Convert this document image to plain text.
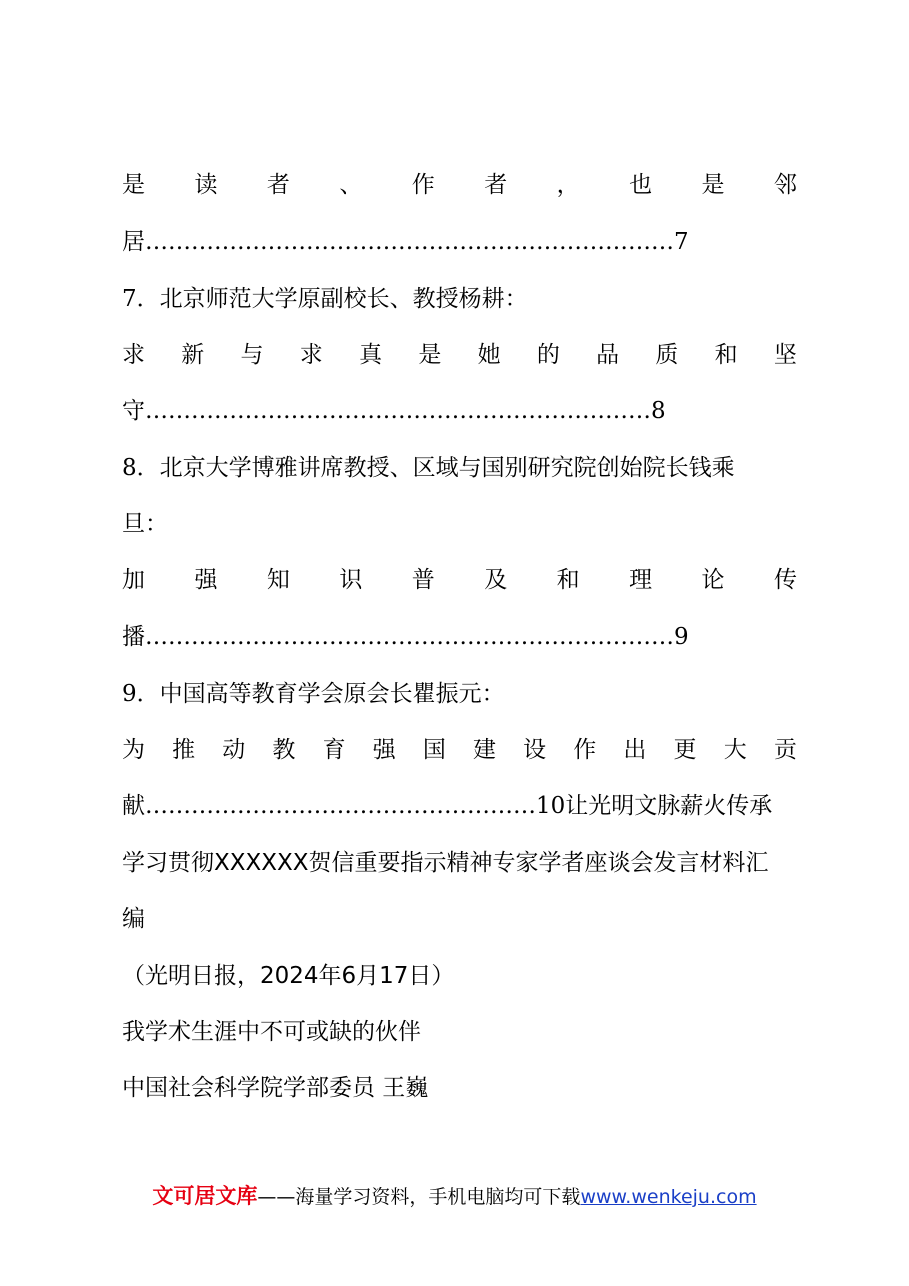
是 读 者 、 作 者 ， 也 是 邻
居……………………………………………………………7
7．北京师范大学原副校长、教授杨耕：
求 新 与 求 真 是 她 的 品 质 和 坚
守…………………………………………………………8
8．北京大学博雅讲席教授、区域与国别研究院创始院长钱乘
旦：
加 强 知 识 普 及 和 理 论 传
播……………………………………………………………9
9．中国高等教育学会原会长瞿振元：
为 推 动 教 育 强 国 建 设 作 出 更 大 贡
献……………………………………………10让光明文脉薪火传承
学习贯彻XXXXXX贺信重要指示精神专家学者座谈会发言材料汇
编
（光明日报，2024年6月17日）
我学术生涯中不可或缺的伙伴
中国社会科学院学部委员 王巍
文可居文库——海量学习资料，手机电脑均可下载www.wenkeju.com
